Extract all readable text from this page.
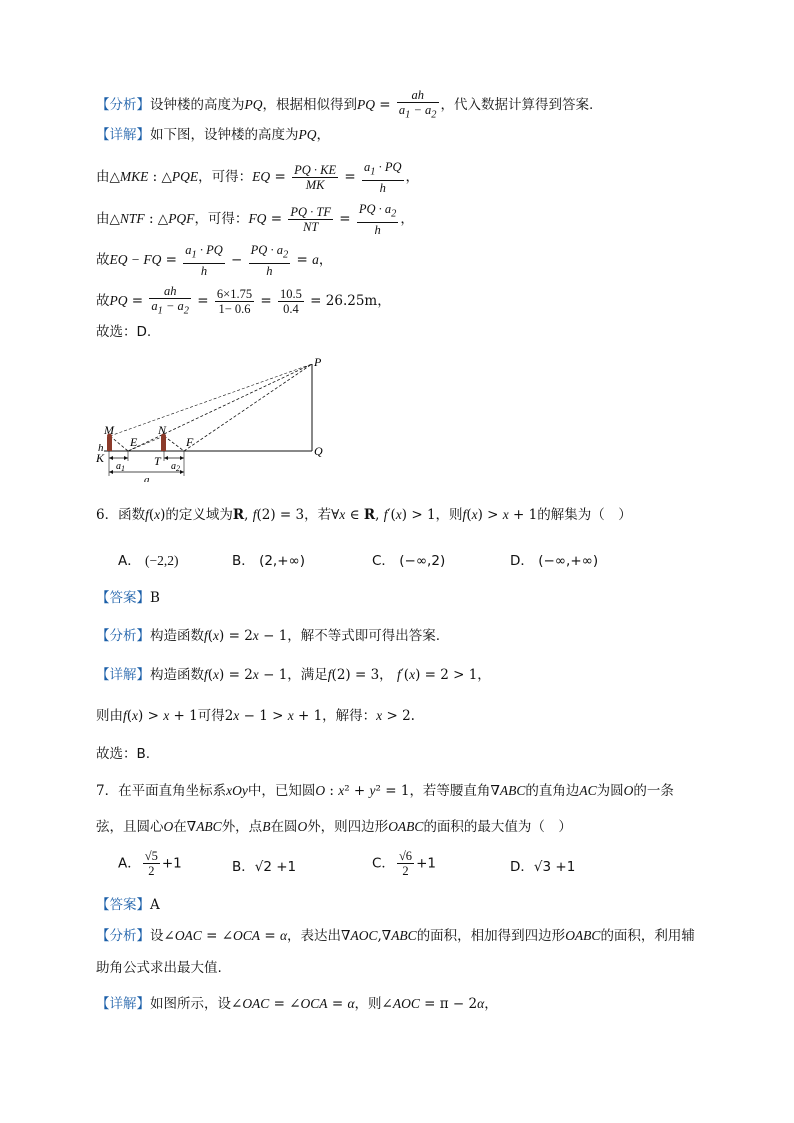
【分析】设钟楼的高度为PQ，根据相似得到PQ = $\frac{ah}{a_1 - a_2}$ ，代入数据计算得到答案.
【详解】如下图，设钟楼的高度为PQ，
由△MKE : △PQE，可得：EQ = $\frac{PQ \cdot KE}{MK} = \frac{a_1 \cdot PQ}{h}$ ，
由△NTF : △PQF，可得：FQ = $\frac{PQ \cdot TF}{NT} = \frac{PQ \cdot a_2}{h}$ ，
故EQ − FQ = $\frac{a_1 \cdot PQ}{h} - \frac{PQ \cdot a_2}{h} = a$，
故PQ = $\frac{ah}{a_1 - a_2} = \frac{6\times 1.75}{1- 0.6} = \frac{10.5}{0.4} = 26.25m$，
故选：D.
P
M	N
E	F
K
h
T
Q
$a_1$	$a_2$
a
6．函数f(x)的定义域为R, f(2) = 3，若∀x ∈ R, f′(x) > 1，则f(x) > x + 1的解集为（　）
A． (−2,2)	B． (2,+∞)	C． (−∞,2)	D． (−∞,+∞)
【答案】B
【分析】构造函数f(x) = 2x − 1，解不等式即可得出答案.
【详解】构造函数f(x) = 2x − 1，满足f(2) = 3， f′(x) = 2 > 1，
则由f(x) > x + 1可得2x − 1 > x + 1，解得：x > 2.
故选：B.
7．在平面直角坐标系xOy中，已知圆O : x² + y² = 1，若等腰直角∇ABC的直角边AC为圆O的一条
弦，且圆心O在∇ABC外，点B在圆O外，则四边形OABC的面积的最大值为（　）
A． $\frac{√5}{2} +1$	B．√2 +1	C． $\frac{√6}{2} +1$	D．√3 +1
【答案】A
【分析】设∠OAC = ∠OCA = α，表达出∇AOC,∇ABC的面积，相加得到四边形OABC的面积，利用辅
助角公式求出最大值.
【详解】如图所示，设∠OAC = ∠OCA = α，则∠AOC = π − 2α，
